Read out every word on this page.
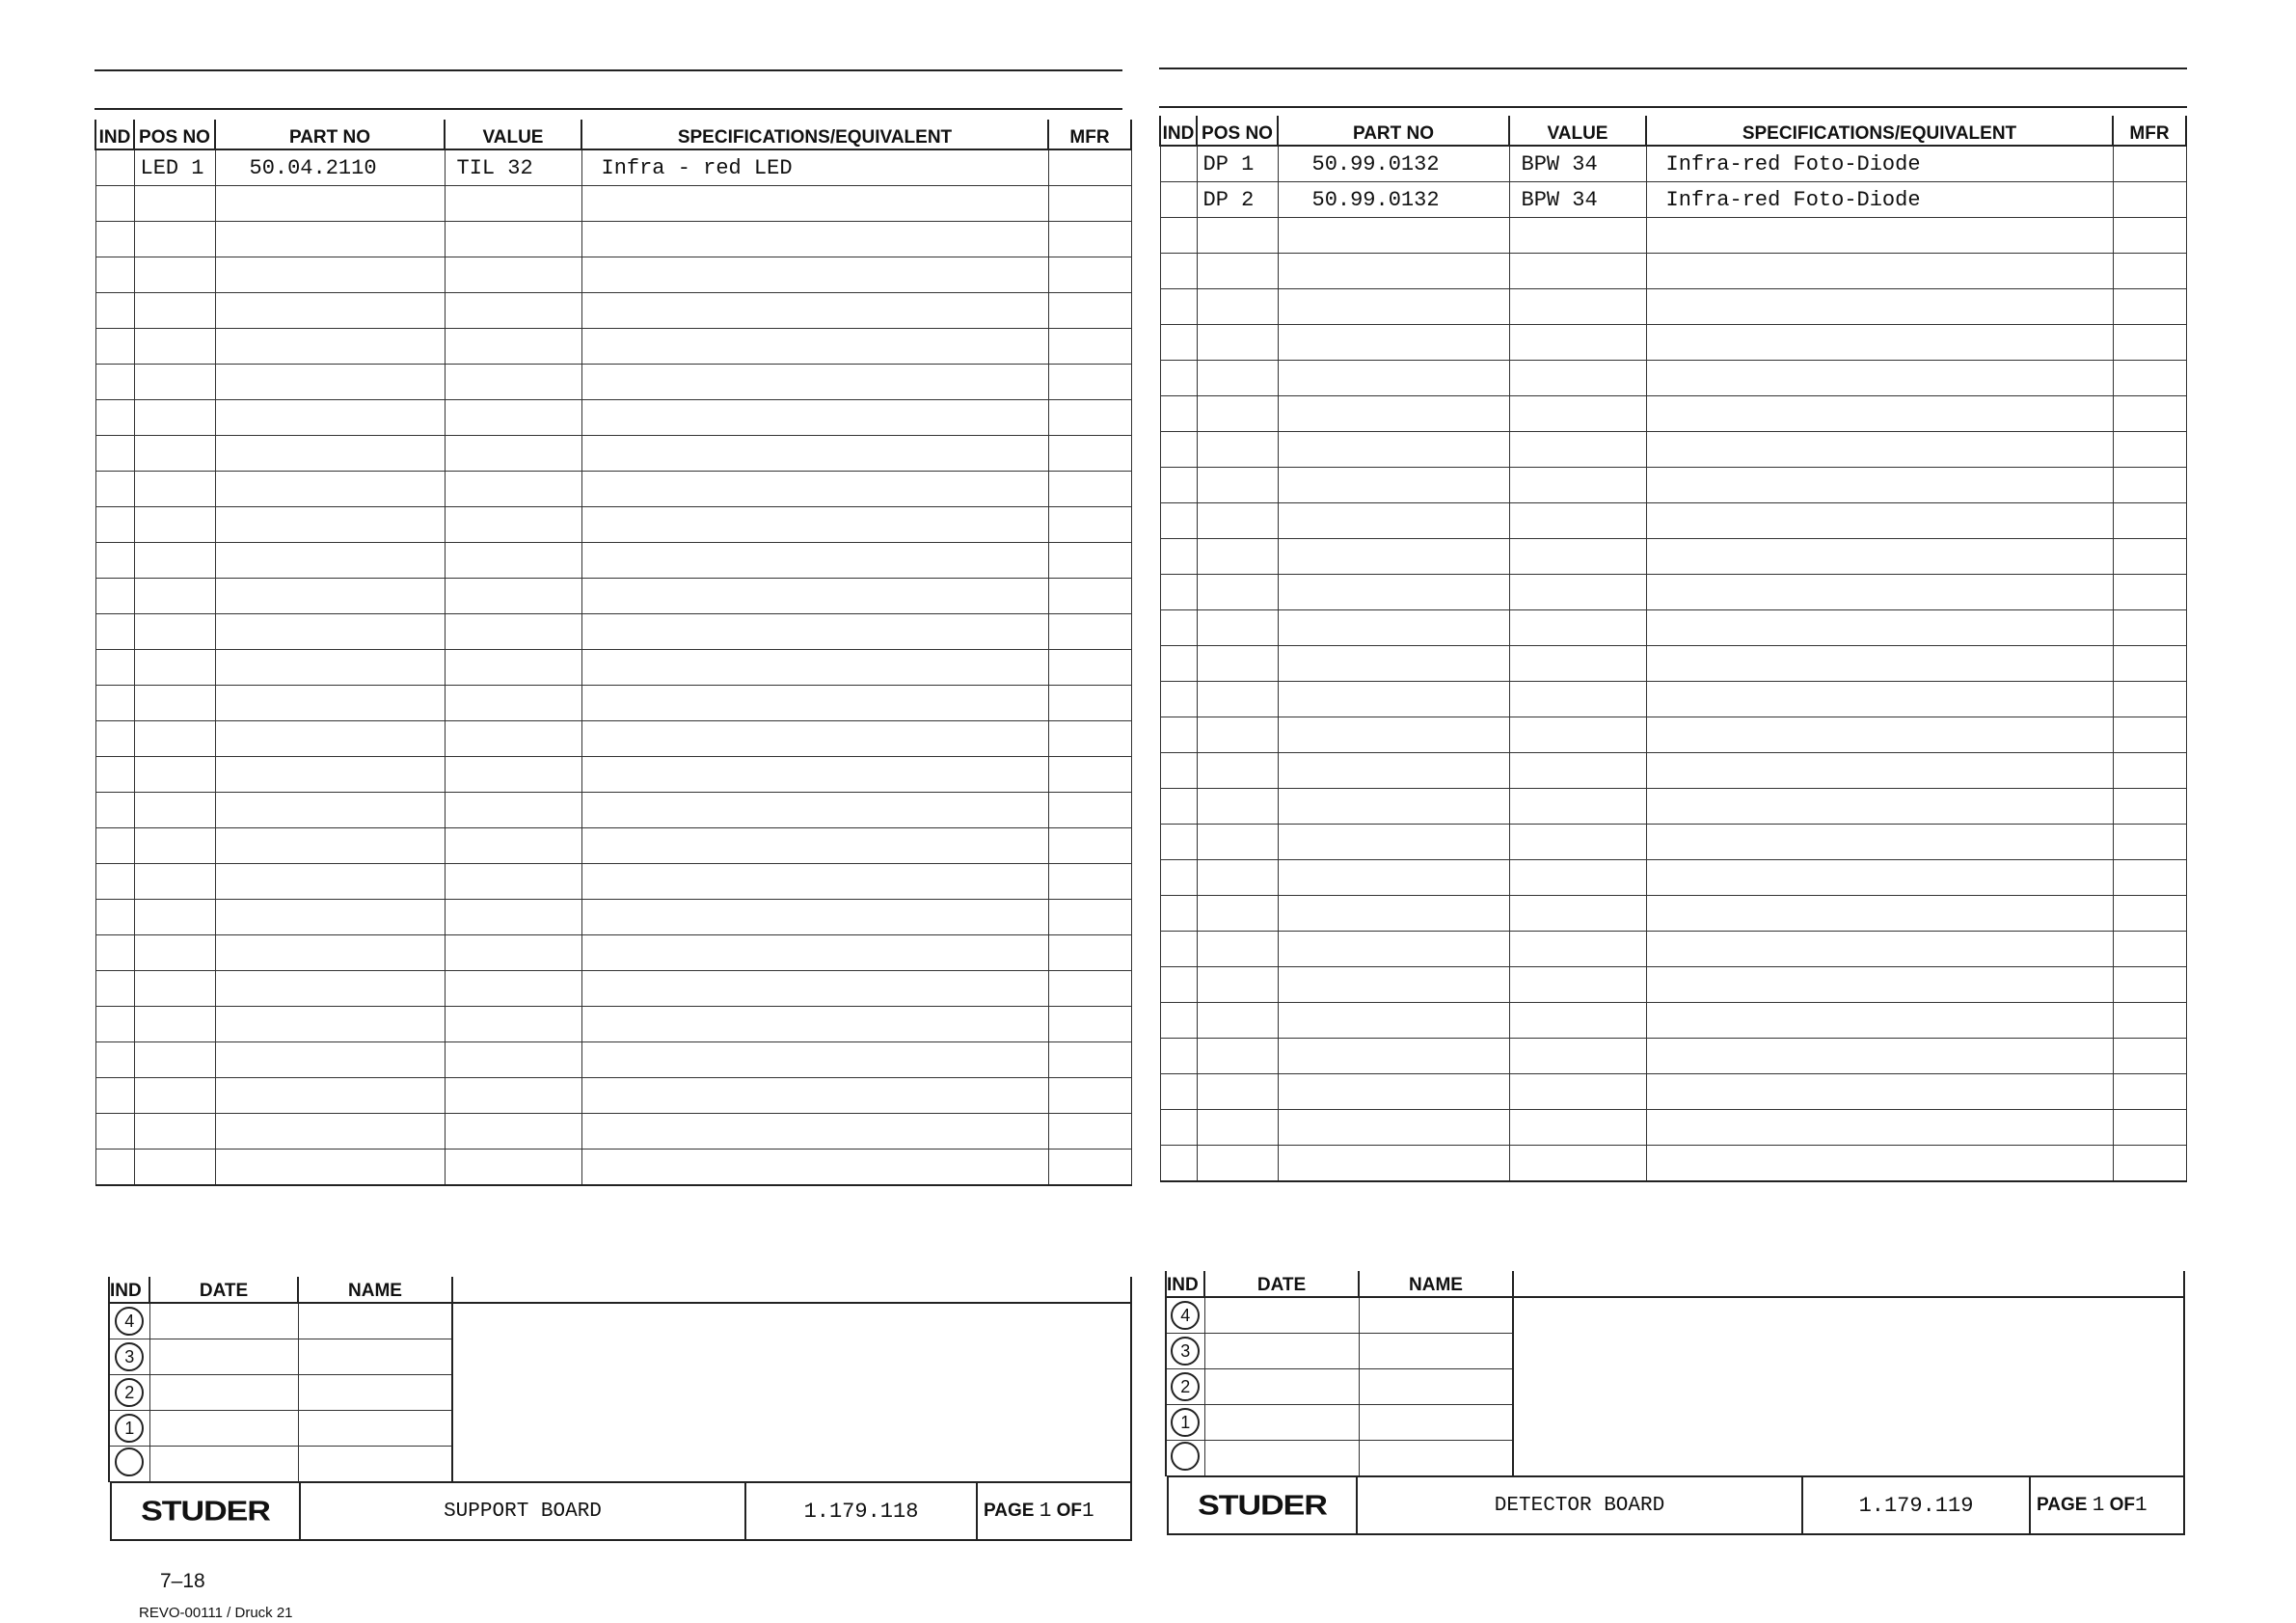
IND	POS NO	PART NO	VALUE	SPECIFICATIONS/EQUIVALENT	MFR
	LED 1	50.04.2110	TIL 32	Infra - red LED	

IND	POS NO	PART NO	VALUE	SPECIFICATIONS/EQUIVALENT	MFR
	DP 1	50.99.0132	BPW 34	Infra-red Foto-Diode	
	DP 2	50.99.0132	BPW 34	Infra-red Foto-Diode	

IND	DATE	NAME	
4			
3			
2			
1			

IND	DATE	NAME	
4			
3			
2			
1			

STUDER	SUPPORT BOARD	1.179.118	PAGE 1 OF1	STUDER	DETECTOR BOARD	1.179.119	PAGE 1 OF1
7–18
REVO-00111 / Druck 21
